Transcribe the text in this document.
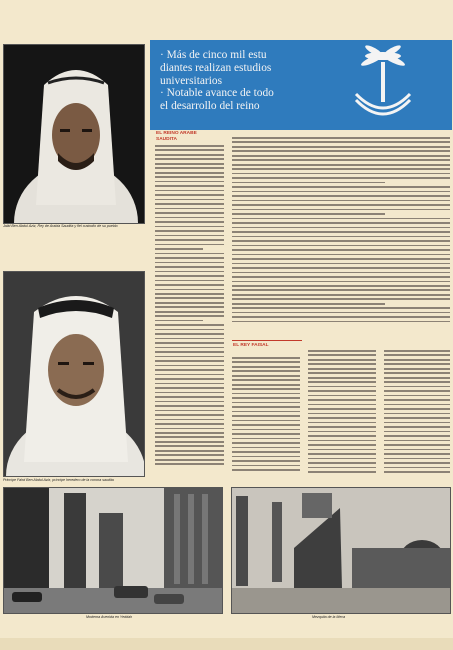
Jalid Ben Abdul Aziz, Rey de Arabia Saudita y fiel custodio de su pueblo
Principe Fahd Ben Abdul Aziz, príncipe heredero de la corona saudita
Moderna Avenida en Yeddah	Mezquita de la Meca
· Más de cinco mil estu
diantes realizan estudios
universitarios
· Notable avance de todo
el desarrollo del reino
EL REINO ARABE SAUDITA
EL REY FAISAL
